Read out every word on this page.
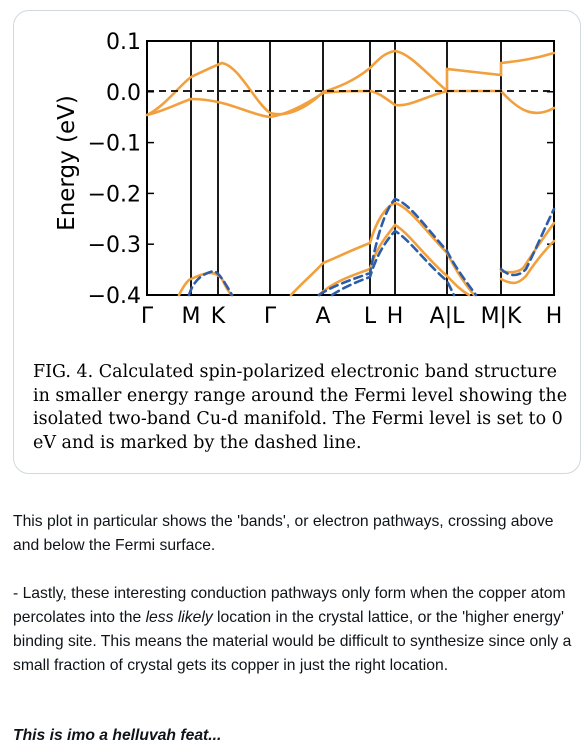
Energy (eV)
0.1
0.0
−0.1
−0.2
−0.3
−0.4
Γ M K Γ A L H A|L M|K H
FIG. 4. Calculated spin-polarized electronic band structure
in smaller energy range around the Fermi level showing the
isolated two-band Cu-d manifold. The Fermi level is set to 0
eV and is marked by the dashed line.
This plot in particular shows the 'bands', or electron pathways, crossing above and below the Fermi surface.
- Lastly, these interesting conduction pathways only form when the copper atom percolates into the less likely location in the crystal lattice, or the 'higher energy' binding site. This means the material would be difficult to synthesize since only a small fraction of crystal gets its copper in just the right location.
This is imo a helluvah feat...
